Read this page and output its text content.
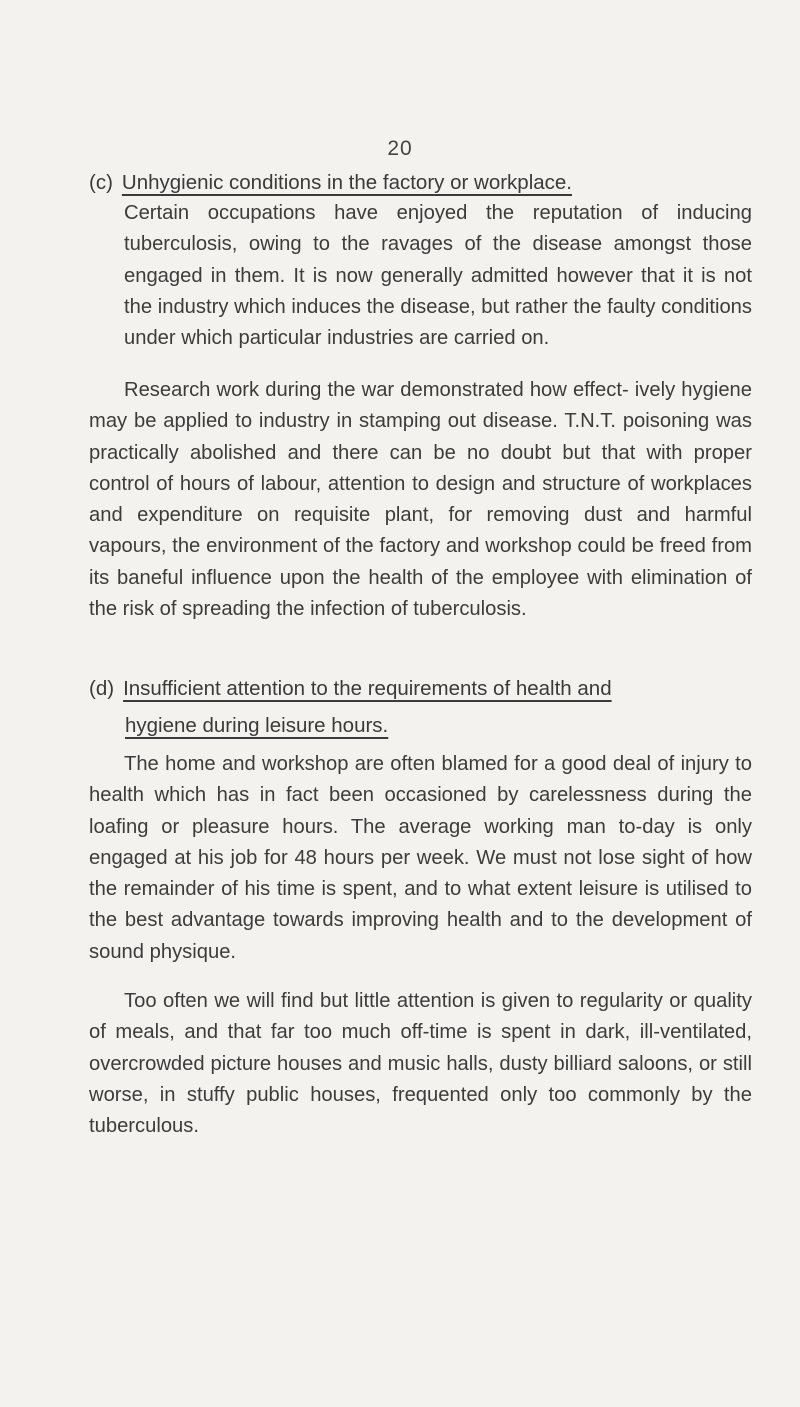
20
(c) Unhygienic conditions in the factory or workplace.

Certain occupations have enjoyed the reputation of inducing tuberculosis, owing to the ravages of the disease amongst those engaged in them. It is now generally admitted however that it is not the industry which induces the disease, but rather the faulty conditions under which particular industries are carried on.

Research work during the war demonstrated how effect- ively hygiene may be applied to industry in stamping out disease. T.N.T. poisoning was practically abolished and there can be no doubt but that with proper control of hours of labour, attention to design and structure of workplaces and expenditure on requisite plant, for removing dust and harmful vapours, the environment of the factory and workshop could be freed from its baneful influence upon the health of the employee with elimination of the risk of spreading the infection of tuberculosis.

(d) Insufficient attention to the requirements of health and
hygiene during leisure hours.

The home and workshop are often blamed for a good deal of injury to health which has in fact been occasioned by carelessness during the loafing or pleasure hours. The average working man to-day is only engaged at his job for 48 hours per week. We must not lose sight of how the remainder of his time is spent, and to what extent leisure is utilised to the best advantage towards improving health and to the development of sound physique.

Too often we will find but little attention is given to regularity or quality of meals, and that far too much off-time is spent in dark, ill-ventilated, overcrowded picture houses and music halls, dusty billiard saloons, or still worse, in stuffy public houses, frequented only too commonly by the tuberculous.
